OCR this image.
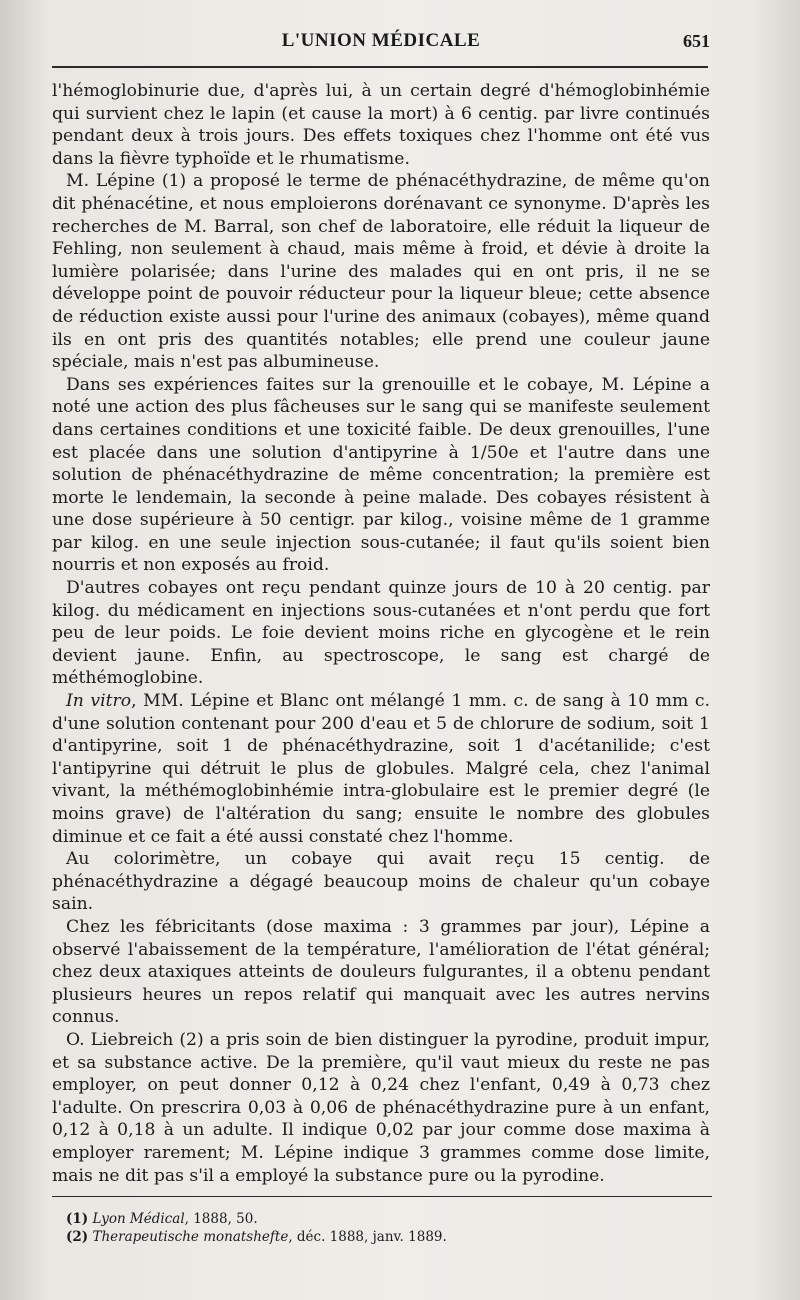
L'UNION MÉDICALE	651

l'hémoglobinurie due, d'après lui, à un certain degré d'hémoglobinhémie qui survient chez le lapin (et cause la mort) à 6 centig. par livre continués pendant deux à trois jours. Des effets toxiques chez l'homme ont été vus dans la fièvre typhoïde et le rhumatisme.

M. Lépine (1) a proposé le terme de phénacéthydrazine, de même qu'on dit phénacétine, et nous emploierons dorénavant ce synonyme. D'après les recherches de M. Barral, son chef de laboratoire, elle réduit la liqueur de Fehling, non seulement à chaud, mais même à froid, et dévie à droite la lumière polarisée; dans l'urine des malades qui en ont pris, il ne se développe point de pouvoir réducteur pour la liqueur bleue; cette absence de réduction existe aussi pour l'urine des animaux (cobayes), même quand ils en ont pris des quantités notables; elle prend une couleur jaune spéciale, mais n'est pas albumineuse.

Dans ses expériences faites sur la grenouille et le cobaye, M. Lépine a noté une action des plus fâcheuses sur le sang qui se manifeste seulement dans certaines conditions et une toxicité faible. De deux grenouilles, l'une est placée dans une solution d'antipyrine à 1/50e et l'autre dans une solution de phénacéthydrazine de même concentration; la première est morte le lendemain, la seconde à peine malade. Des cobayes résistent à une dose supérieure à 50 centigr. par kilog., voisine même de 1 gramme par kilog. en une seule injection sous-cutanée; il faut qu'ils soient bien nourris et non exposés au froid.

D'autres cobayes ont reçu pendant quinze jours de 10 à 20 centig. par kilog. du médicament en injections sous-cutanées et n'ont perdu que fort peu de leur poids. Le foie devient moins riche en glycogène et le rein devient jaune. Enfin, au spectroscope, le sang est chargé de méthémoglobine.

In vitro, MM. Lépine et Blanc ont mélangé 1 mm. c. de sang à 10 mm c. d'une solution contenant pour 200 d'eau et 5 de chlorure de sodium, soit 1 d'antipyrine, soit 1 de phénacéthydrazine, soit 1 d'acétanilide; c'est l'antipyrine qui détruit le plus de globules. Malgré cela, chez l'animal vivant, la méthémoglobinhémie intra-globulaire est le premier degré (le moins grave) de l'altération du sang; ensuite le nombre des globules diminue et ce fait a été aussi constaté chez l'homme.

Au colorimètre, un cobaye qui avait reçu 15 centig. de phénacéthydrazine a dégagé beaucoup moins de chaleur qu'un cobaye sain.

Chez les fébricitants (dose maxima : 3 grammes par jour), Lépine a observé l'abaissement de la température, l'amélioration de l'état général; chez deux ataxiques atteints de douleurs fulgurantes, il a obtenu pendant plusieurs heures un repos relatif qui manquait avec les autres nervins connus.

O. Liebreich (2) a pris soin de bien distinguer la pyrodine, produit impur, et sa substance active. De la première, qu'il vaut mieux du reste ne pas employer, on peut donner 0,12 à 0,24 chez l'enfant, 0,49 à 0,73 chez l'adulte. On prescrira 0,03 à 0,06 de phénacéthydrazine pure à un enfant, 0,12 à 0,18 à un adulte. Il indique 0,02 par jour comme dose maxima à employer rarement; M. Lépine indique 3 grammes comme dose limite, mais ne dit pas s'il a employé la substance pure ou la pyrodine.

(1) Lyon Médical, 1888, 50.

(2) Therapeutische monatshefte, déc. 1888, janv. 1889.
